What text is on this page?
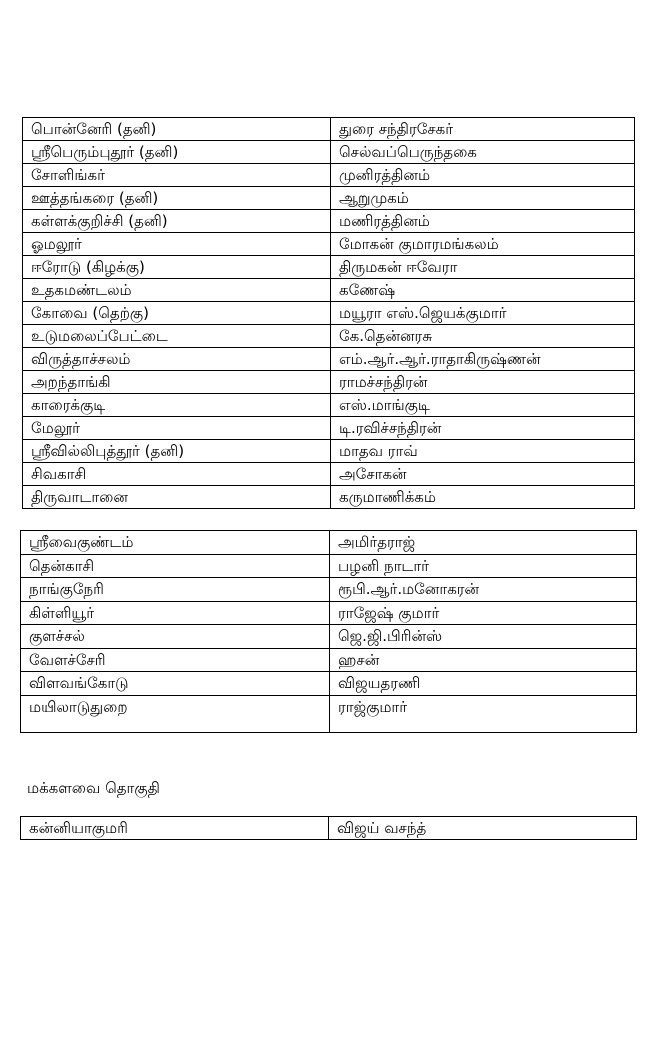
பொன்னேரி (தனி)	துரை சந்திரசேகர்
ஸ்ரீபெரும்புதூர் (தனி)	செல்வப்பெருந்தகை
சோளிங்கர்	முனிரத்தினம்
ஊத்தங்கரை (தனி)	ஆறுமுகம்
கள்ளக்குறிச்சி (தனி)	மணிரத்தினம்
ஓமலூர்	மோகன் குமாரமங்கலம்
ஈரோடு (கிழக்கு)	திருமகன் ஈவேரா
உதகமண்டலம்	கணேஷ்
கோவை (தெற்கு)	மயூரா எஸ்.ஜெயக்குமார்
உடுமலைப்பேட்டை	கே.தென்னரசு
விருத்தாச்சலம்	எம்.ஆர்.ஆர்.ராதாகிருஷ்ணன்
அறந்தாங்கி	ராமச்சந்திரன்
காரைக்குடி	எஸ்.மாங்குடி
மேலூர்	டி.ரவிச்சந்திரன்
ஸ்ரீவில்லிபுத்தூர் (தனி)	மாதவ ராவ்
சிவகாசி	அசோகன்
திருவாடானை	கருமாணிக்கம்
ஸ்ரீவைகுண்டம்	அமிர்தராஜ்
தென்காசி	பழனி நாடார்
நாங்குநேரி	ரூபி.ஆர்.மனோகரன்
கிள்ளியூர்	ராஜேஷ் குமார்
குளச்சல்	ஜெ.ஜி.பிரின்ஸ்
வேளச்சேரி	ஹசன்
விளவங்கோடு	விஜயதரணி
மயிலாடுதுறை	ராஜ்குமார்

மக்களவை தொகுதி

கன்னியாகுமரி	விஜய் வசந்த்
